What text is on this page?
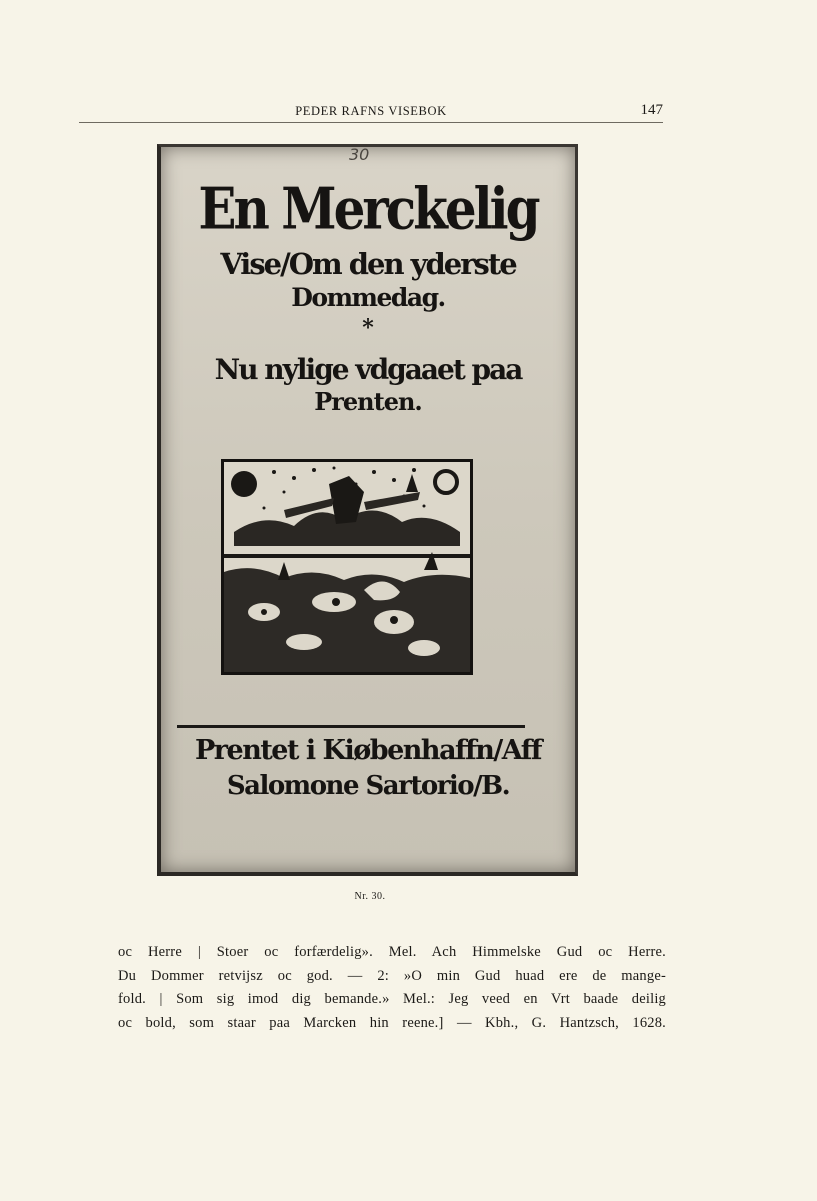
PEDER RAFNS VISEBOK	147
30
En Merckelig
Vise/Om den yderste
Dommedag.
*
Nu nylige vdgaaet paa
Prenten.
Prentet i Kiøbenhaffn/Aff
Salomone Sartorio/B.
Nr. 30.
oc Herre | Stoer oc forfærdelig». Mel. Ach Himmelske Gud oc Herre.
Du Dommer retvijsz oc god. — 2: »O min Gud huad ere de mange-
fold. | Som sig imod dig bemande.» Mel.: Jeg veed en Vrt baade deilig
oc bold, som staar paa Marcken hin reene.] — Kbh., G. Hantzsch, 1628.
